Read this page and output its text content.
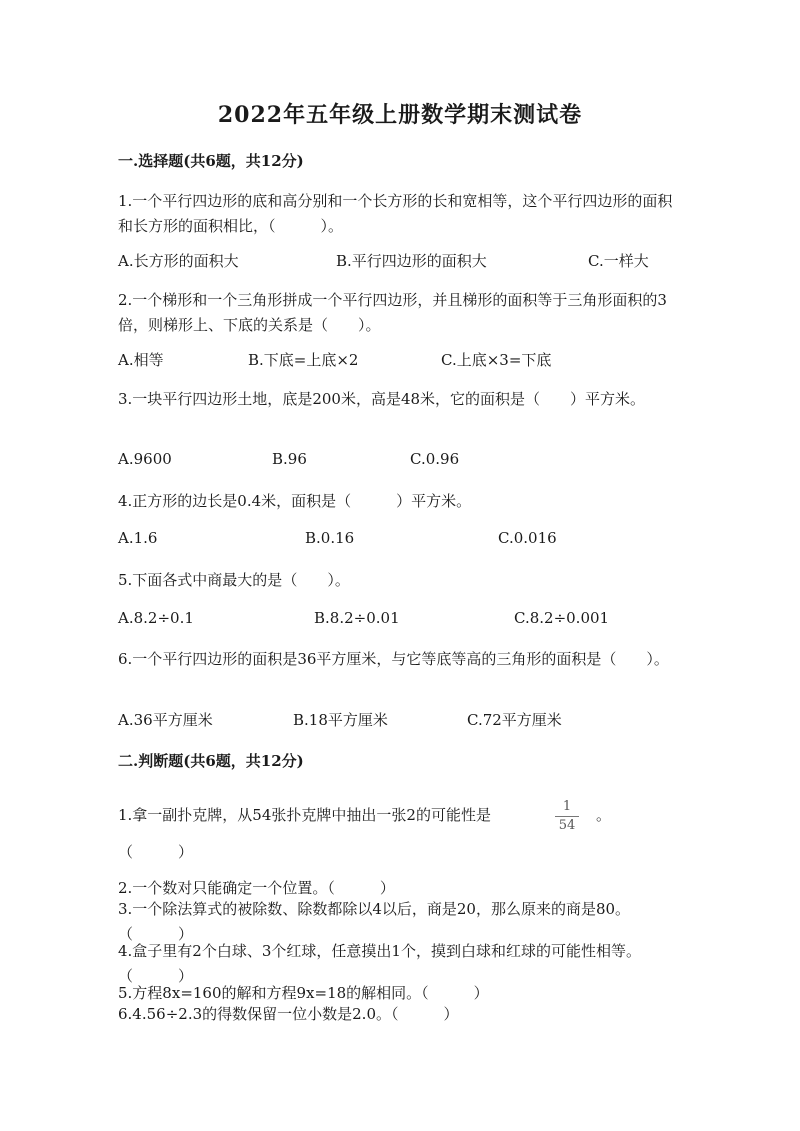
2022年五年级上册数学期末测试卷
一.选择题(共6题，共12分)
1.一个平行四边形的底和高分别和一个长方形的长和宽相等，这个平行四边形的面积和长方形的面积相比，（　　　）。
A.长方形的面积大	B.平行四边形的面积大	C.一样大
2.一个梯形和一个三角形拼成一个平行四边形，并且梯形的面积等于三角形面积的3倍，则梯形上、下底的关系是（　　）。
A.相等	B.下底=上底×2	C.上底×3=下底
3.一块平行四边形土地，底是200米，高是48米，它的面积是（　　）平方米。
A.9600	B.96	C.0.96
4.正方形的边长是0.4米，面积是（　　　）平方米。
A.1.6	B.0.16	C.0.016
5.下面各式中商最大的是（　　）。
A.8.2÷0.1	B.8.2÷0.01	C.8.2÷0.001
6.一个平行四边形的面积是36平方厘米，与它等底等高的三角形的面积是（　　）。
A.36平方厘米	B.18平方厘米	C.72平方厘米
二.判断题(共6题，共12分)
1.拿一副扑克牌，从54张扑克牌中抽出一张2的可能性是	1
54
。
（　　　）
2.一个数对只能确定一个位置。（　　　）
3.一个除法算式的被除数、除数都除以4以后，商是20，那么原来的商是80。（　　　）
4.盒子里有2个白球、3个红球，任意摸出1个，摸到白球和红球的可能性相等。（　　　）
5.方程8x=160的解和方程9x=18的解相同。（　　　）
6.4.56÷2.3的得数保留一位小数是2.0。（　　　）
